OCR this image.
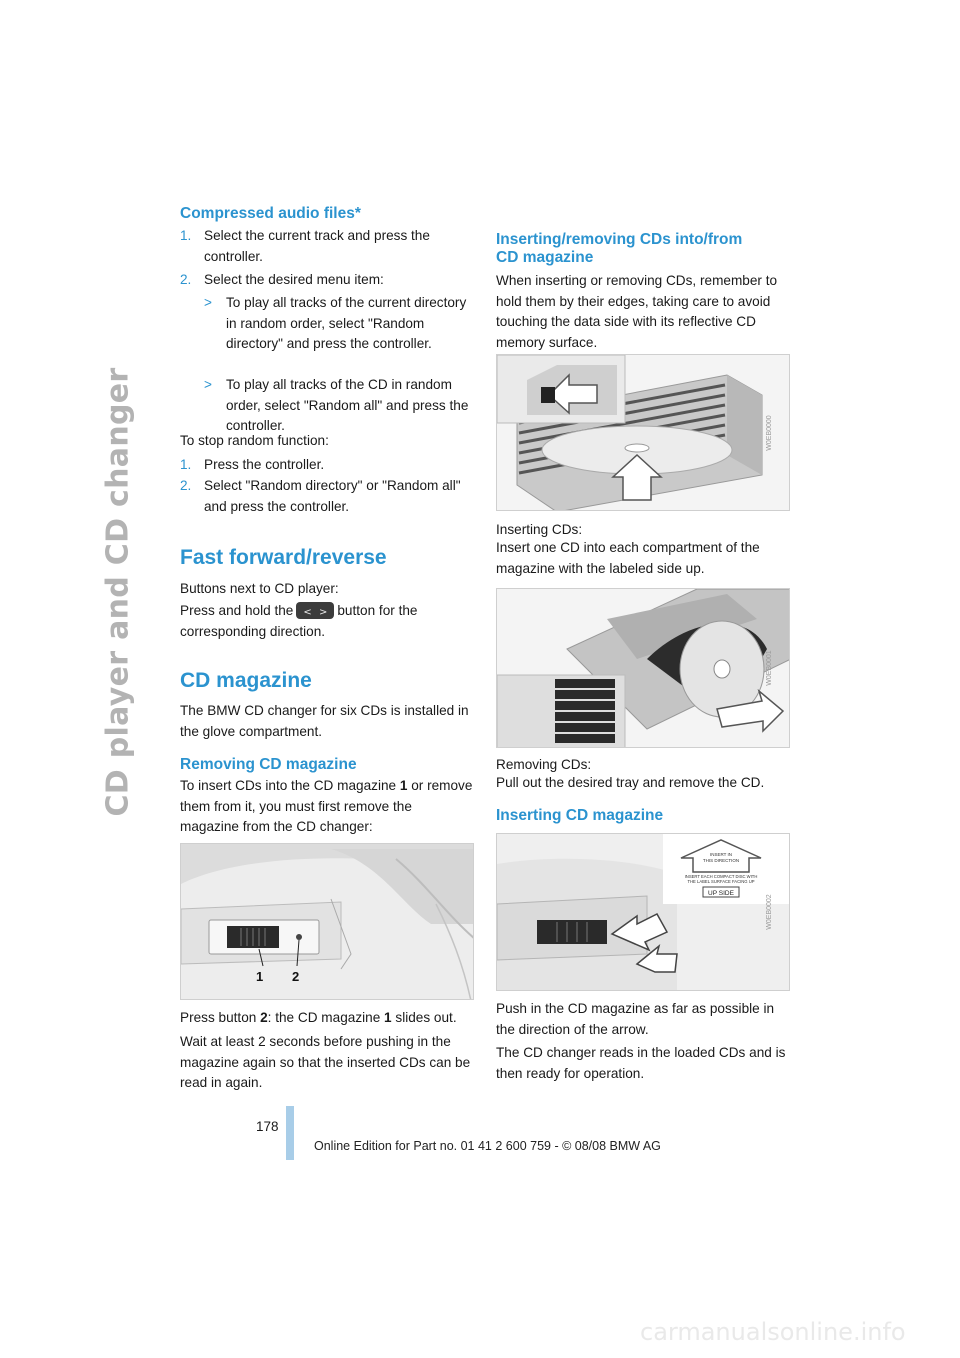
CD player and CD changer
Compressed audio files*
1. Select the current track and press the controller.
2. Select the desired menu item:
> To play all tracks of the current directory in random order, select "Random directory" and press the controller.
> To play all tracks of the CD in random order, select "Random all" and press the controller.
To stop random function:
1. Press the controller.
2. Select "Random directory" or "Random all" and press the controller.
Fast forward/reverse
Buttons next to CD player:
Press and hold the < > button for the corresponding direction.
CD magazine
The BMW CD changer for six CDs is installed in the glove compartment.
Removing CD magazine
To insert CDs into the CD magazine 1 or remove them from it, you must first remove the magazine from the CD changer:
1 2
Press button 2: the CD magazine 1 slides out.
Wait at least 2 seconds before pushing in the magazine again so that the inserted CDs can be read in again.
Inserting/removing CDs into/from
CD magazine
When inserting or removing CDs, remember to hold them by their edges, taking care to avoid touching the data side with its reflective CD memory surface.
W0EB0000
Inserting CDs:
Insert one CD into each compartment of the magazine with the labeled side up.
W0EB0001
Removing CDs:
Pull out the desired tray and remove the CD.
Inserting CD magazine
INSERT IN
THIS DIRECTION
INSERT EACH COMPACT DISC WITH
THE LABEL SURFACE FACING UP
UP SIDE
W0EB0002
Push in the CD magazine as far as possible in the direction of the arrow.
The CD changer reads in the loaded CDs and is then ready for operation.
178
Online Edition for Part no. 01 41 2 600 759 - © 08/08 BMW AG
carmanualsonline.info
